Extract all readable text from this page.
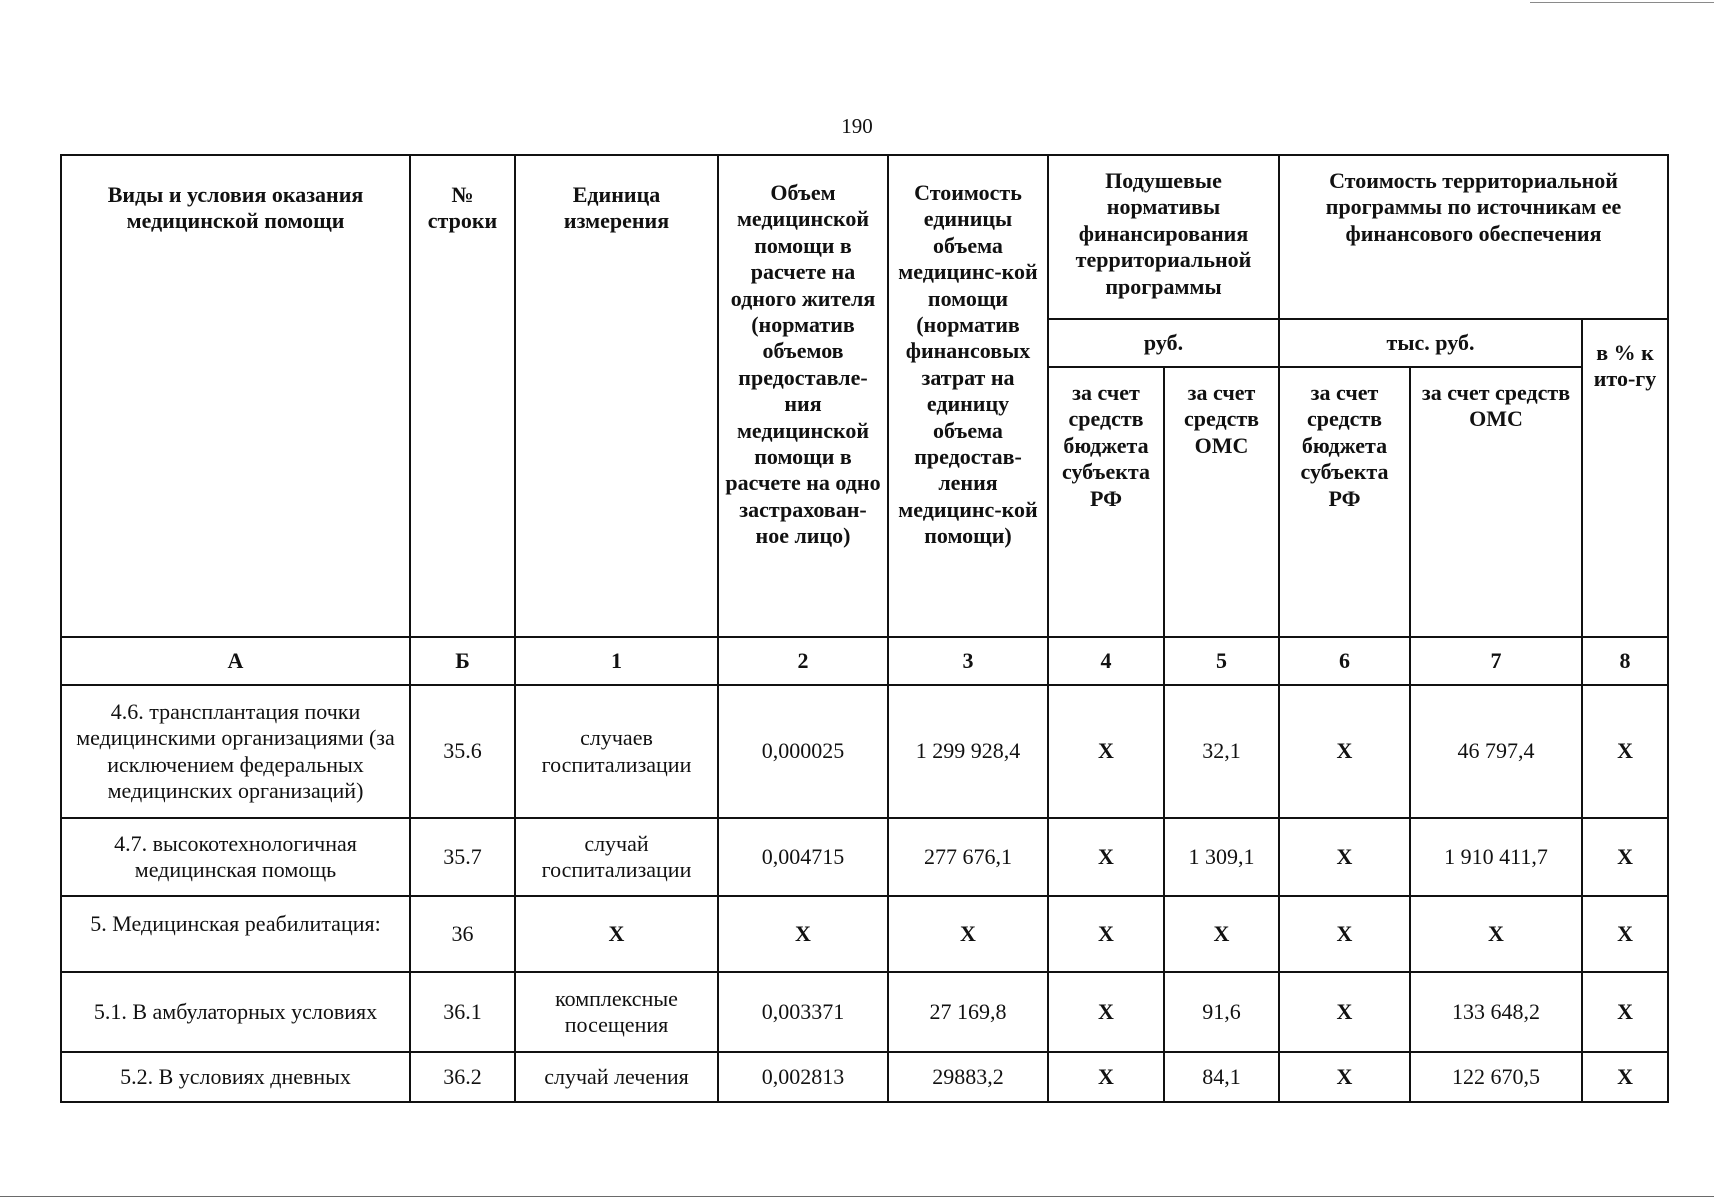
190
Виды и условия оказания медицинской помощи	№ строки	Единица измерения	Объем медицинской помощи в расчете на одного жителя (норматив объемов предоставле-ния медицинской помощи в расчете на одно застрахован-ное лицо)	Стоимость единицы объема медицинс-кой помощи (норматив финансовых затрат на единицу объема предостав-ления медицинс-кой помощи)	Подушевые нормативы финансирования территориальной программы		Стоимость территориальной программы по источникам ее финансового обеспечения		
					руб.		тыс. руб.		в % к ито-гу
					за счет средств бюджета субъекта РФ	за счет средств ОМС	за счет средств бюджета субъекта РФ	за счет средств ОМС	
А	Б	1	2	3	4	5	6	7	8
4.6. трансплантация почки медицинскими организациями (за исключением федеральных медицинских организаций)	35.6	случаев госпитализации	0,000025	1 299 928,4	Х	32,1	Х	46 797,4	Х
4.7. высокотехнологичная медицинская помощь	35.7	случай госпитализации	0,004715	277 676,1	Х	1 309,1	Х	1 910 411,7	Х
5. Медицинская реабилитация:	36	Х	Х	Х	Х	Х	Х	Х	Х
5.1. В амбулаторных условиях	36.1	комплексные посещения	0,003371	27 169,8	Х	91,6	Х	133 648,2	Х
5.2. В условиях дневных	36.2	случай лечения	0,002813	29883,2	Х	84,1	Х	122 670,5	Х
